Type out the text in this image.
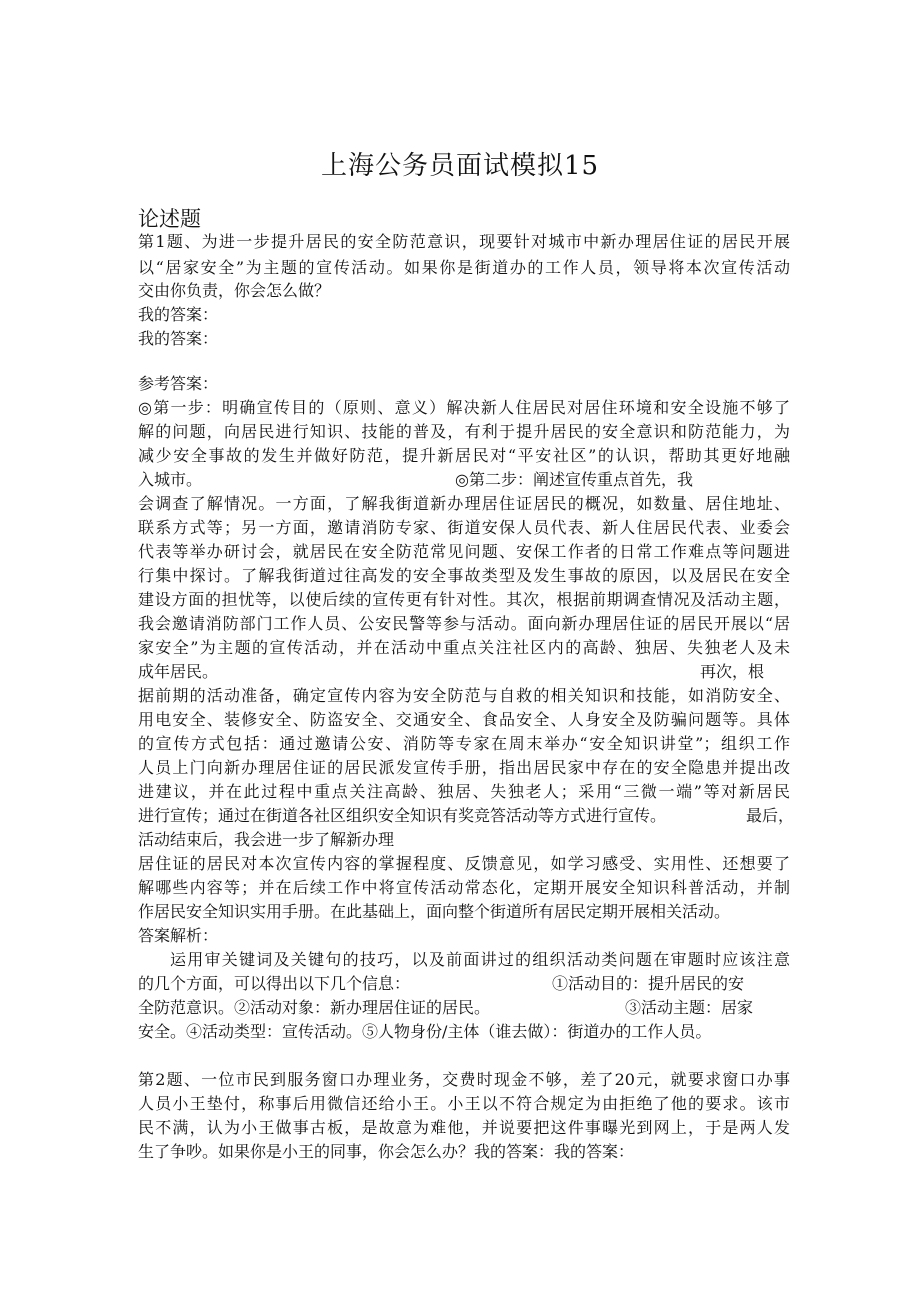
上海公务员面试模拟15
论述题
第1题、为进一步提升居民的安全防范意识，现要针对城市中新办理居住证的居民开展
以“居家安全”为主题的宣传活动。如果你是街道办的工作人员，领导将本次宣传活动
交由你负责，你会怎么做？
我的答案：
我的答案：
参考答案：
◎第一步：明确宣传目的（原则、意义）解决新人住居民对居住环境和安全设施不够了
解的问题，向居民进行知识、技能的普及，有利于提升居民的安全意识和防范能力，为
减少安全事故的发生并做好防范，提升新居民对“平安社区”的认识，帮助其更好地融
入城市。	◎第二步：阐述宣传重点首先，我
会调查了解情况。一方面，了解我街道新办理居住证居民的概况，如数量、居住地址、
联系方式等；另一方面，邀请消防专家、街道安保人员代表、新人住居民代表、业委会
代表等举办研讨会，就居民在安全防范常见问题、安保工作者的日常工作难点等问题进
行集中探讨。了解我街道过往高发的安全事故类型及发生事故的原因，以及居民在安全
建设方面的担忧等，以使后续的宣传更有针对性。其次，根据前期调查情况及活动主题，
我会邀请消防部门工作人员、公安民警等参与活动。面向新办理居住证的居民开展以“居
家安全”为主题的宣传活动，并在活动中重点关注社区内的高龄、独居、失独老人及未
成年居民。	再次，根
据前期的活动准备，确定宣传内容为安全防范与自救的相关知识和技能，如消防安全、
用电安全、装修安全、防盗安全、交通安全、食品安全、人身安全及防骗问题等。具体
的宣传方式包括：通过邀请公安、消防等专家在周末举办“安全知识讲堂”；组织工作
人员上门向新办理居住证的居民派发宣传手册，指出居民家中存在的安全隐患并提出改
进建议，并在此过程中重点关注高龄、独居、失独老人；采用“三微一端”等对新居民
进行宣传；通过在街道各社区组织安全知识有奖竞答活动等方式进行宣传。	最后，
活动结束后，我会进一步了解新办理
居住证的居民对本次宣传内容的掌握程度、反馈意见，如学习感受、实用性、还想要了
解哪些内容等；并在后续工作中将宣传活动常态化，定期开展安全知识科普活动，并制
作居民安全知识实用手册。在此基础上，面向整个街道所有居民定期开展相关活动。
答案解析：
运用审关键词及关键句的技巧，以及前面讲过的组织活动类问题在审题时应该注意
的几个方面，可以得出以下几个信息：	①活动目的：提升居民的安
全防范意识。②活动对象：新办理居住证的居民。	③活动主题：居家
安全。④活动类型：宣传活动。⑤人物身份/主体（谁去做）：街道办的工作人员。
第2题、一位市民到服务窗口办理业务，交费时现金不够，差了20元，就要求窗口办事
人员小王垫付，称事后用微信还给小王。小王以不符合规定为由拒绝了他的要求。该市
民不满，认为小王做事古板，是故意为难他，并说要把这件事曝光到网上，于是两人发
生了争吵。如果你是小王的同事，你会怎么办？我的答案：我的答案：
